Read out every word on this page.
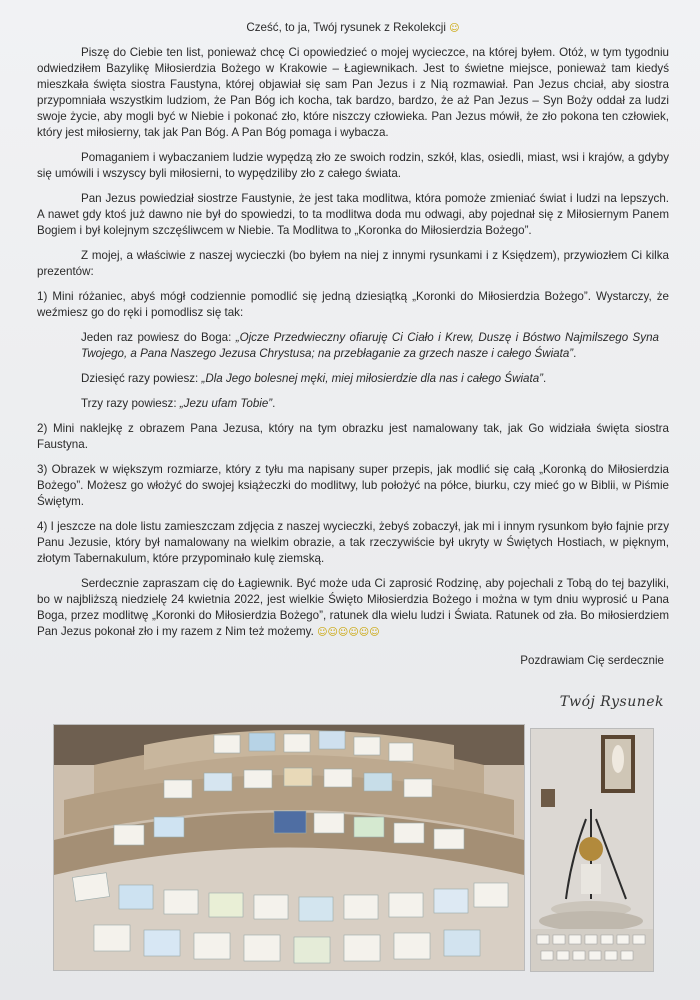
Cześć, to ja, Twój rysunek z Rekolekcji ☺

Piszę do Ciebie ten list, ponieważ chcę Ci opowiedzieć o mojej wycieczce, na której byłem. Otóż, w tym tygodniu odwiedziłem Bazylikę Miłosierdzia Bożego w Krakowie – Łagiewnikach. Jest to świetne miejsce, ponieważ tam kiedyś mieszkała święta siostra Faustyna, której objawiał się sam Pan Jezus i z Nią rozmawiał. Pan Jezus chciał, aby siostra przypomniała wszystkim ludziom, że Pan Bóg ich kocha, tak bardzo, bardzo, że aż Pan Jezus – Syn Boży oddał za ludzi swoje życie, aby mogli być w Niebie i pokonać zło, które niszczy człowieka. Pan Jezus mówił, że zło pokona ten człowiek, który jest miłosierny, tak jak Pan Bóg. A Pan Bóg pomaga i wybacza.

Pomaganiem i wybaczaniem ludzie wypędzą zło ze swoich rodzin, szkół, klas, osiedli, miast, wsi i krajów, a gdyby się umówili i wszyscy byli miłosierni, to wypędziliby zło z całego świata.

Pan Jezus powiedział siostrze Faustynie, że jest taka modlitwa, która pomoże zmieniać świat i ludzi na lepszych. A nawet gdy ktoś już dawno nie był do spowiedzi, to ta modlitwa doda mu odwagi, aby pojednał się z Miłosiernym Panem Bogiem i był kolejnym szczęśliwcem w Niebie. Ta Modlitwa to „Koronka do Miłosierdzia Bożego”.

Z mojej, a właściwie z naszej wycieczki (bo byłem na niej z innymi rysunkami i z Księdzem), przywiozłem Ci kilka prezentów:

1) Mini różaniec, abyś mógł codziennie pomodlić się jedną dziesiątką „Koronki do Miłosierdzia Bożego”. Wystarczy, że weźmiesz go do ręki i pomodlisz się tak:

Jeden raz powiesz do Boga: „Ojcze Przedwieczny ofiaruję Ci Ciało i Krew, Duszę i Bóstwo Najmilszego Syna Twojego, a Pana Naszego Jezusa Chrystusa; na przebłaganie za grzech nasze i całego Świata”.

Dziesięć razy powiesz: „Dla Jego bolesnej męki, miej miłosierdzie dla nas i całego Świata”.

Trzy razy powiesz: „Jezu ufam Tobie”.

2) Mini naklejkę z obrazem Pana Jezusa, który na tym obrazku jest namalowany tak, jak Go widziała święta siostra Faustyna.

3) Obrazek w większym rozmiarze, który z tyłu ma napisany super przepis, jak modlić się całą „Koronką do Miłosierdzia Bożego”. Możesz go włożyć do swojej książeczki do modlitwy, lub położyć na półce, biurku, czy mieć go w Biblii, w Piśmie Świętym.

4) I jeszcze na dole listu zamieszczam zdjęcia z naszej wycieczki, żebyś zobaczył, jak mi i innym rysunkom było fajnie przy Panu Jezusie, który był namalowany na wielkim obrazie, a tak rzeczywiście był ukryty w Świętych Hostiach, w pięknym, złotym Tabernakulum, które przypominało kulę ziemską.

Serdecznie zapraszam cię do Łagiewnik. Być może uda Ci zaprosić Rodzinę, aby pojechali z Tobą do tej bazyliki, bo w najbliższą niedzielę 24 kwietnia 2022, jest wielkie Święto Miłosierdzia Bożego i można w tym dniu wyprosić u Pana Boga, przez modlitwę „Koronki do Miłosierdzia Bożego”, ratunek dla wielu ludzi i Świata. Ratunek od zła. Bo miłosierdziem Pan Jezus pokonał zło i my razem z Nim też możemy. ☺☺☺☺☺☺

Pozdrawiam Cię serdecznie
Twój Rysunek
